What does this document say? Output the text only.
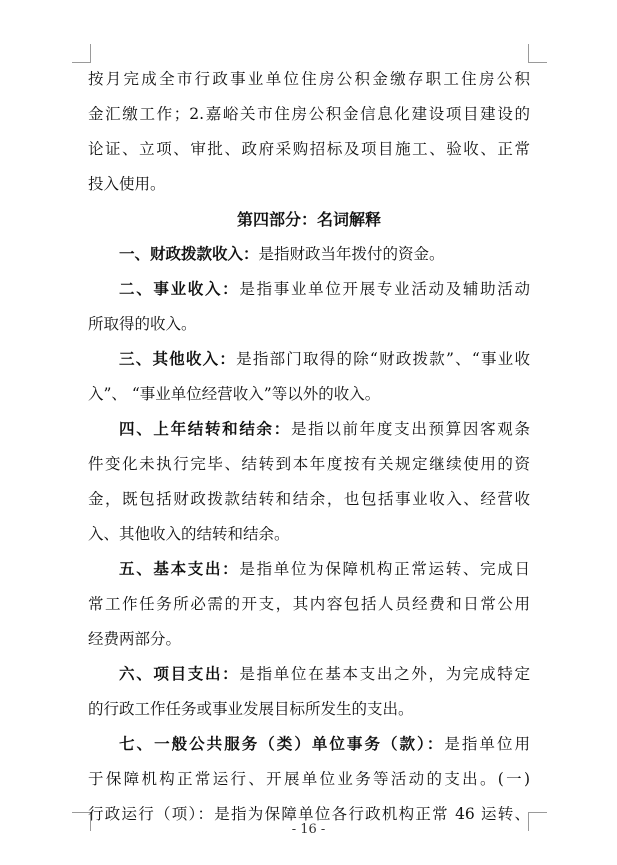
按月完成全市行政事业单位住房公积金缴存职工住房公积

金汇缴工作；2.嘉峪关市住房公积金信息化建设项目建设的

论证、立项、审批、政府采购招标及项目施工、验收、正常

投入使用。

第四部分：名词解释

一、财政拨款收入：是指财政当年拨付的资金。

二、事业收入：是指事业单位开展专业活动及辅助活动

所取得的收入。

三、其他收入：是指部门取得的除“财政拨款”、“事业收

入”、 “事业单位经营收入”等以外的收入。

四、上年结转和结余：是指以前年度支出预算因客观条

件变化未执行完毕、结转到本年度按有关规定继续使用的资

金，既包括财政拨款结转和结余，也包括事业收入、经营收

入、其他收入的结转和结余。

五、基本支出：是指单位为保障机构正常运转、完成日

常工作任务所必需的开支，其内容包括人员经费和日常公用

经费两部分。

六、项目支出：是指单位在基本支出之外，为完成特定

的行政工作任务或事业发展目标所发生的支出。

七、一般公共服务（类）单位事务（款）：是指单位用

于保障机构正常运行、开展单位业务等活动的支出。(一)

行政运行（项）：是指为保障单位各行政机构正常 46 运转、

- 16 -
